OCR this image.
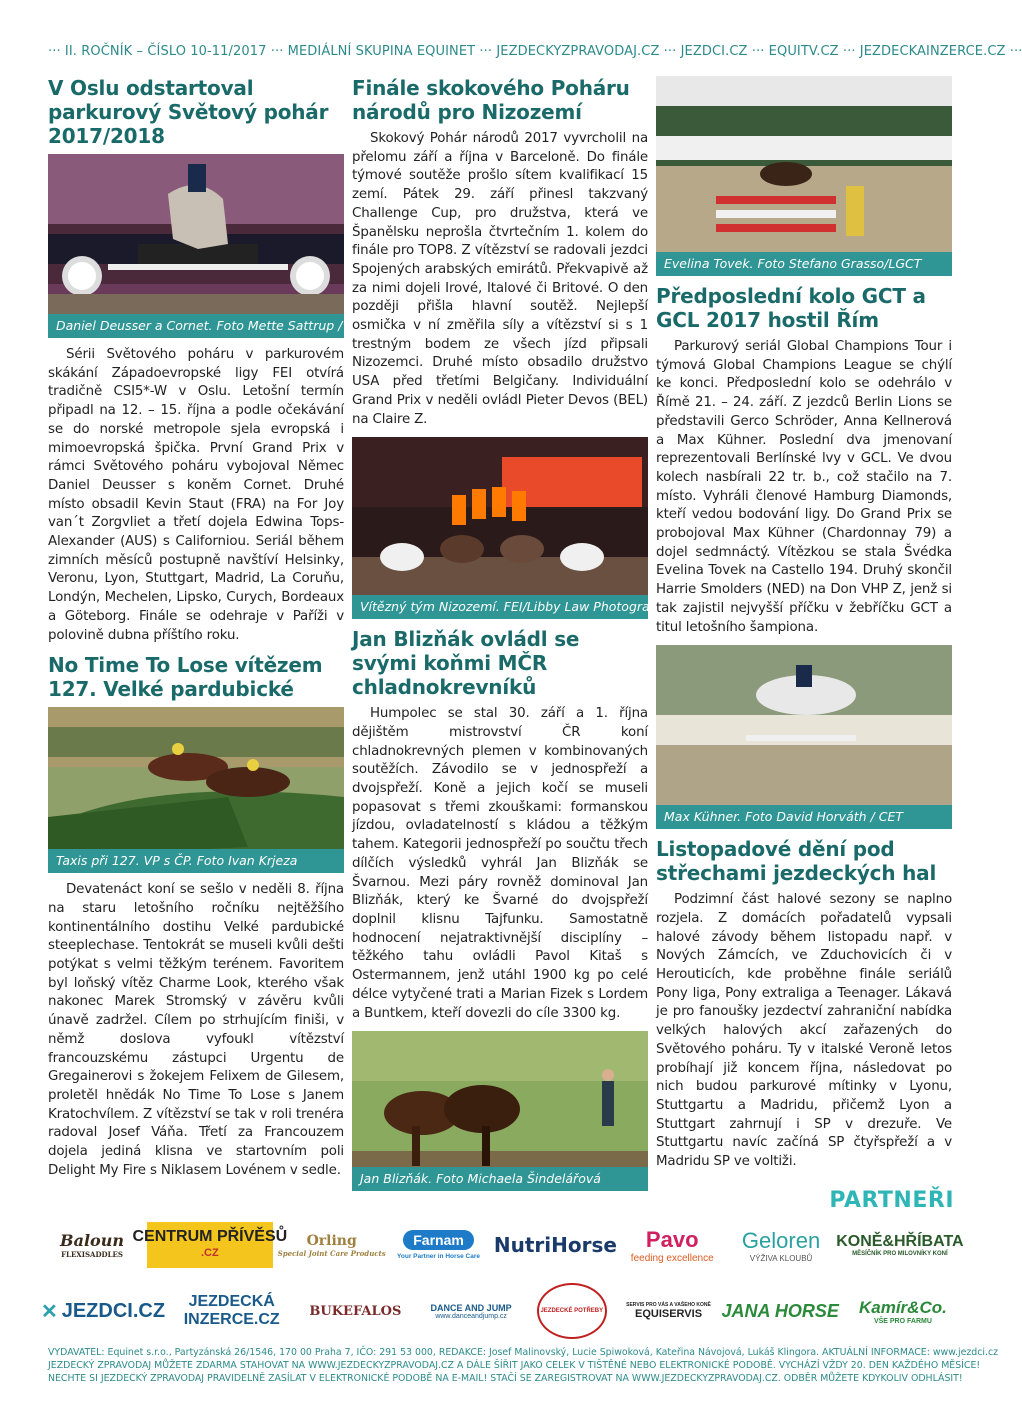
··· II. ROČNÍK – ČÍSLO 10-11/2017 ··· MEDIÁLNÍ SKUPINA EQUINET ··· JEZDECKYZPRAVODAJ.CZ ··· JEZDCI.CZ ··· EQUITV.CZ ··· JEZDECKAINZERCE.CZ ···
V Oslu odstartoval parkurový Světový pohár 2017/2018
Daniel Deusser a Cornet. Foto Mette Sattrup / FEI

Sérii Světového poháru v parkurovém skákání Západoevropské ligy FEI otvírá tradičně CSI5*-W v Oslu. Letošní termín připadl na 12. – 15. října a podle očekávání se do norské metropole sjela evropská i mimoevropská špička. První Grand Prix v rámci Světového poháru vybojoval Němec Daniel Deusser s koněm Cornet. Druhé místo obsadil Kevin Staut (FRA) na For Joy van´t Zorgvliet a třetí dojela Edwina Tops-Alexander (AUS) s Californiou. Seriál během zimních měsíců postupně navštíví Helsinky, Veronu, Lyon, Stuttgart, Madrid, La Coruňu, Londýn, Mechelen, Lipsko, Curych, Bordeaux a Göteborg. Finále se odehraje v Paříži v polovině dubna příštího roku.

No Time To Lose vítězem 127. Velké pardubické
Taxis při 127. VP s ČP. Foto Ivan Krjeza

Devatenáct koní se sešlo v neděli 8. října na staru letošního ročníku nejtěžšího kontinentálního dostihu Velké pardubické steeplechase. Tentokrát se museli kvůli dešti potýkat s velmi těžkým terénem. Favoritem byl loňský vítěz Charme Look, kterého však nakonec Marek Stromský v závěru kvůli únavě zadržel. Cílem po strhujícím finiši, v němž doslova vyfoukl vítězství francouzskému zástupci Urgentu de Gregainerovi s žokejem Felixem de Gilesem, proletěl hnědák No Time To Lose s Janem Kratochvílem. Z vítězství se tak v roli trenéra radoval Josef Váňa. Třetí za Francouzem dojela jediná klisna ve startovním poli Delight My Fire s Niklasem Lovénem v sedle.

Finále skokového Poháru národů pro Nizozemí

Skokový Pohár národů 2017 vyvrcholil na přelomu září a října v Barceloně. Do finále týmové soutěže prošlo sítem kvalifikací 15 zemí. Pátek 29. září přinesl takzvaný Challenge Cup, pro družstva, která ve Španělsku neprošla čtvrtečním 1. kolem do finále pro TOP8. Z vítězství se radovali jezdci Spojených arabských emirátů. Překvapivě až za nimi dojeli Irové, Italové či Britové. O den později přišla hlavní soutěž. Nejlepší osmička v ní změřila síly a vítězství si s 1 trestným bodem ze všech jízd připsali Nizozemci. Druhé místo obsadilo družstvo USA před třetími Belgičany. Individuální Grand Prix v neděli ovládl Pieter Devos (BEL) na Claire Z.

Vítězný tým Nizozemí. FEI/Libby Law Photography
Jan Blizňák ovládl se svými koňmi MČR chladnokrevníků

Humpolec se stal 30. září a 1. října dějištěm mistrovství ČR koní chladnokrevných plemen v kombinovaných soutěžích. Závodilo se v jednospřeží a dvojspřeží. Koně a jejich kočí se museli popasovat s třemi zkouškami: formanskou jízdou, ovladatelností s kládou a těžkým tahem. Kategorii jednospřeží po součtu třech dílčích výsledků vyhrál Jan Blizňák se Švarnou. Mezi páry rovněž dominoval Jan Blizňák, který ke Švarné do dvojspřeží doplnil klisnu Tajfunku. Samostatně hodnocení nejatraktivnější disciplíny – těžkého tahu ovládli Pavol Kitaš s Ostermannem, jenž utáhl 1900 kg po celé délce vytyčené trati a Marian Fizek s Lordem a Buntkem, kteří dovezli do cíle 3300 kg.

Jan Blizňák. Foto Michaela Šindelářová
Evelina Tovek. Foto Stefano Grasso/LGCT
Předposlední kolo GCT a GCL 2017 hostil Řím

Parkurový seriál Global Champions Tour i týmová Global Champions League se chýlí ke konci. Předposlední kolo se odehrálo v Římě 21. – 24. září. Z jezdců Berlin Lions se představili Gerco Schröder, Anna Kellnerová a Max Kühner. Poslední dva jmenovaní reprezentovali Berlínské lvy v GCL. Ve dvou kolech nasbírali 22 tr. b., což stačilo na 7. místo. Vyhráli členové Hamburg Diamonds, kteří vedou bodování ligy. Do Grand Prix se probojoval Max Kühner (Chardonnay 79) a dojel sedmnáctý. Vítězkou se stala Švédka Evelina Tovek na Castello 194. Druhý skončil Harrie Smolders (NED) na Don VHP Z, jenž si tak zajistil nejvyšší příčku v žebříčku GCT a titul letošního šampiona.

Max Kühner. Foto David Horváth / CET
Listopadové dění pod střechami jezdeckých hal

Podzimní část halové sezony se naplno rozjela. Z domácích pořadatelů vypsali halové závody během listopadu např. v Nových Zámcích, ve Zduchovicích či v Herouticích, kde proběhne finále seriálů Pony liga, Pony extraliga a Teenager. Lákavá je pro fanoušky jezdectví zahraniční nabídka velkých halových akcí zařazených do Světového poháru. Ty v italské Veroně letos probíhají již koncem října, následovat po nich budou parkurové mítinky v Lyonu, Stuttgartu a Madridu, přičemž Lyon a Stuttgart zahrnují i SP v drezuře. Ve Stuttgartu navíc začíná SP čtyřspřeží a v Madridu SP ve voltiži.

PARTNEŘI
Baloun
FLEXISADDLES
CENTRUM PŘÍVĚSŮ
.CZ
Orling
Special Joint Care Products
Farnam
Your Partner in Horse Care NutriHorse Pavo
feeding excellence
Geloren
VÝŽIVA KLOUBŮ
KONĚ&HŘÍBATA
MĚSÍČNÍK PRO MILOVNÍKY KONÍ
✕ JEZDCI.CZ JEZDECKÁ
INZERCE.CZ BUKEFALOS	DANCE AND JUMP
www.danceandjump.cz
JEZDECKÉ POTŘEBY
SERVIS PRO VÁS A VAŠEHO KONĚ
EQUISERVIS JANA HORSE Kamír&Co.
VŠE PRO FARMU
VYDAVATEL: Equinet s.r.o., Partyzánská 26/1546, 170 00 Praha 7, IČO: 291 53 000, REDAKCE: Josef Malinovský, Lucie Spiwoková, Kateřina Návojová, Lukáš Klingora. AKTUÁLNÍ INFORMACE: www.jezdci.cz
JEZDECKÝ ZPRAVODAJ MŮŽETE ZDARMA STAHOVAT NA WWW.JEZDECKYZPRAVODAJ.CZ A DÁLE ŠÍŘIT JAKO CELEK V TIŠTĚNÉ NEBO ELEKTRONICKÉ PODOBĚ. VYCHÁZÍ VŽDY 20. DEN KAŽDÉHO MĚSÍCE!
NECHTE SI JEZDECKÝ ZPRAVODAJ PRAVIDELNĚ ZASÍLAT V ELEKTRONICKÉ PODOBĚ NA E-MAIL! STAČÍ SE ZAREGISTROVAT NA WWW.JEZDECKYZPRAVODAJ.CZ. ODBĚR MŮŽETE KDYKOLIV ODHLÁSIT!
